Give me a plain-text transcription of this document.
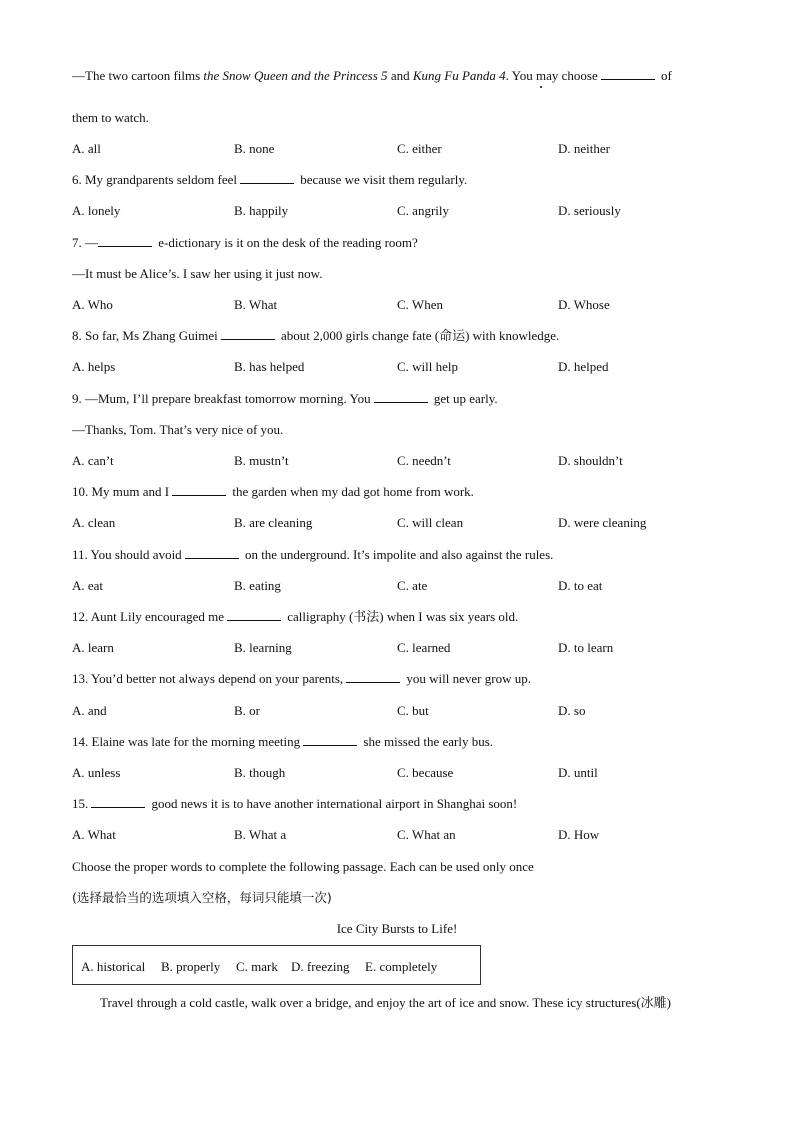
—The two cartoon films the Snow Queen and the Princess 5 and Kung Fu Panda 4. You may choose	of
them to watch.
A. all	B. none	C. either	D. neither
6. My grandparents seldom feel	because we visit them regularly.
A. lonely	B. happily	C. angrily	D. seriously
7. —	e-dictionary is it on the desk of the reading room?
—It must be Alice’s. I saw her using it just now.
A. Who	B. What	C. When	D. Whose
8. So far, Ms Zhang Guimei	about 2,000 girls change fate (命运) with knowledge.
A. helps	B. has helped	C. will help	D. helped
9. —Mum, I’ll prepare breakfast tomorrow morning. You	get up early.
—Thanks, Tom. That’s very nice of you.
A. can’t	B. mustn’t	C. needn’t	D. shouldn’t
10. My mum and I	the garden when my dad got home from work.
A. clean	B. are cleaning	C. will clean	D. were cleaning
11. You should avoid	on the underground. It’s impolite and also against the rules.
A. eat	B. eating	C. ate	D. to eat
12. Aunt Lily encouraged me	calligraphy (书法) when I was six years old.
A. learn	B. learning	C. learned	D. to learn
13. You’d better not always depend on your parents,	you will never grow up.
A. and	B. or	C. but	D. so
14. Elaine was late for the morning meeting	she missed the early bus.
A. unless	B. though	C. because	D. until
15.	good news it is to have another international airport in Shanghai soon!
A. What	B. What a	C. What an	D. How
Choose the proper words to complete the following passage. Each can be used only once
(选择最恰当的选项填入空格，每词只能填一次)
Ice City Bursts to Life!
A. historical B. properly C. mark D. freezing E. completely
Travel through a cold castle, walk over a bridge, and enjoy the art of ice and snow. These icy structures(冰雕)
